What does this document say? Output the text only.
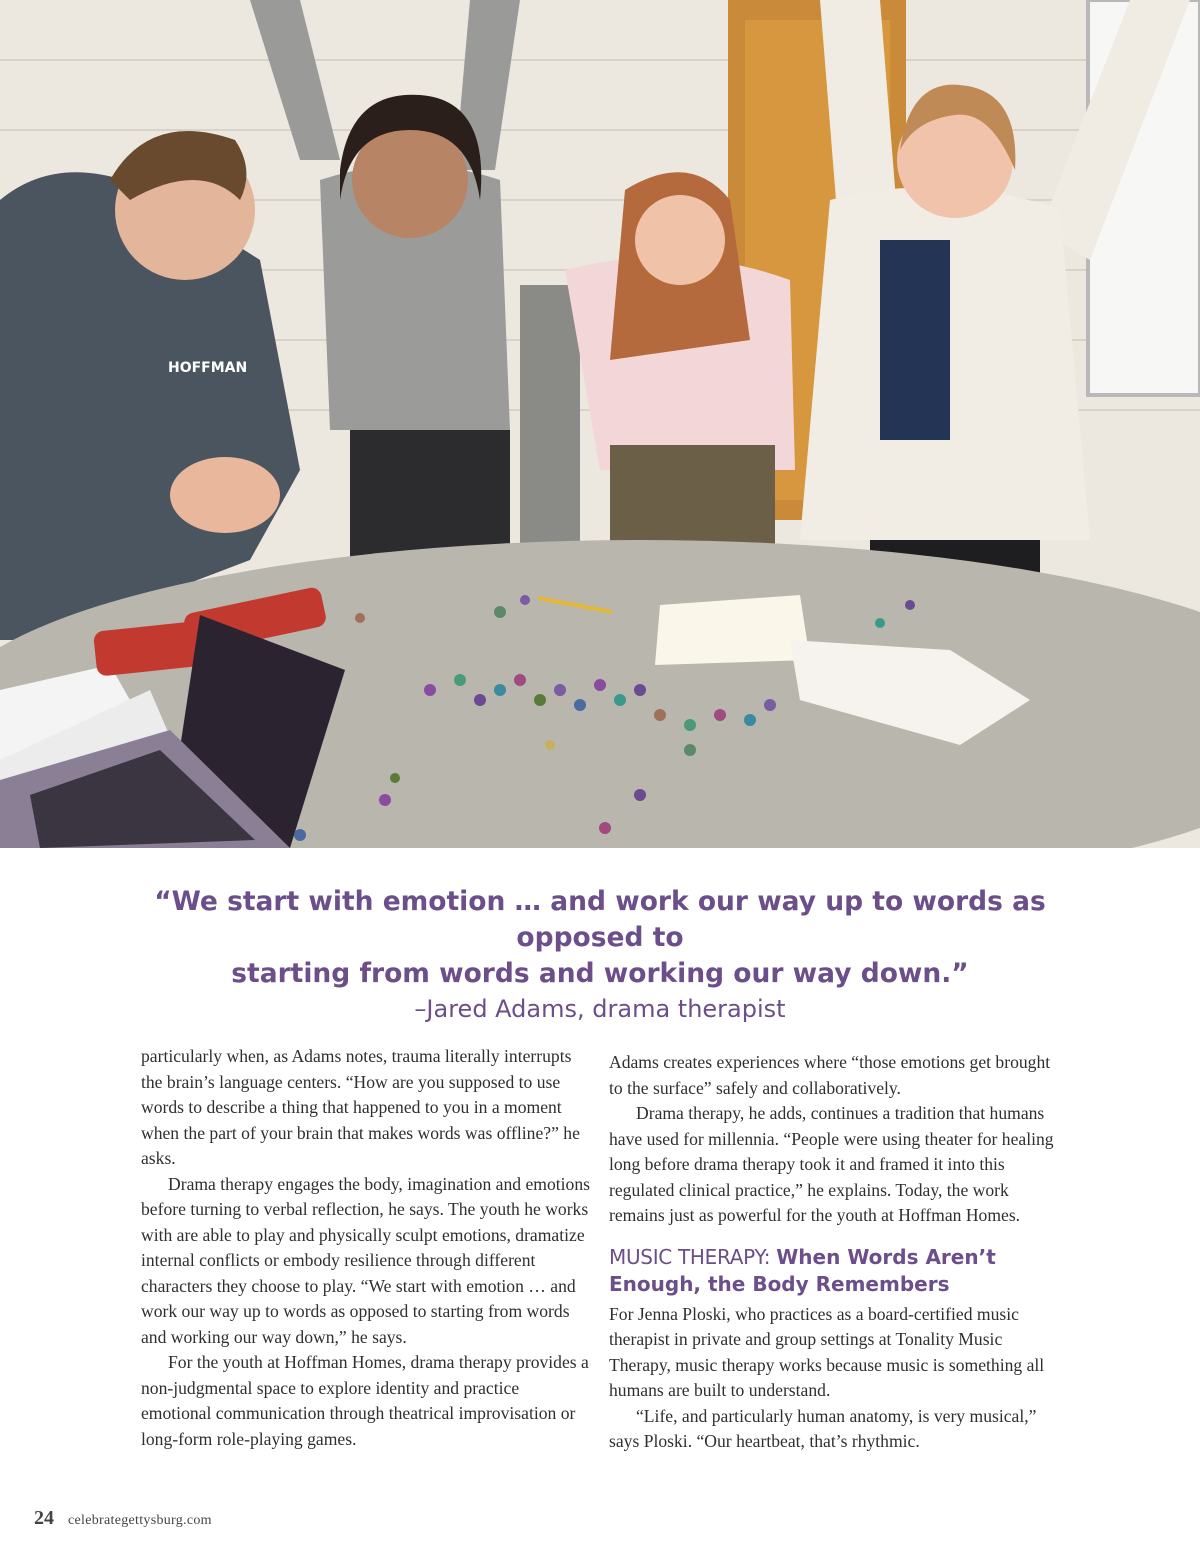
HOFFMAN
“We start with emotion … and work our way up to words as opposed to
starting from words and working our way down.”
–Jared Adams, drama therapist

particularly when, as Adams notes, trauma literally interrupts the brain’s language centers. “How are you supposed to use words to describe a thing that happened to you in a moment when the part of your brain that makes words was offline?” he asks.

Drama therapy engages the body, imagination and emotions before turning to verbal reflection, he says. The youth he works with are able to play and physically sculpt emotions, dramatize internal conflicts or embody resilience through different characters they choose to play. “We start with emotion … and work our way up to words as opposed to starting from words and working our way down,” he says.

For the youth at Hoffman Homes, drama therapy provides a non-judgmental space to explore identity and practice emotional communication through theatrical improvisation or long-form role-playing games.

Adams creates experiences where “those emotions get brought to the surface” safely and collaboratively.

Drama therapy, he adds, continues a tradition that humans have used for millennia. “People were using theater for healing long before drama therapy took it and framed it into this regulated clinical practice,” he explains. Today, the work remains just as powerful for the youth at Hoffman Homes.

MUSIC THERAPY: When Words Aren’t Enough, the Body Remembers

For Jenna Ploski, who practices as a board-certified music therapist in private and group settings at Tonality Music Therapy, music therapy works because music is something all humans are built to understand.

“Life, and particularly human anatomy, is very musical,” says Ploski. “Our heartbeat, that’s rhythmic.

24 celebrategettysburg.com
